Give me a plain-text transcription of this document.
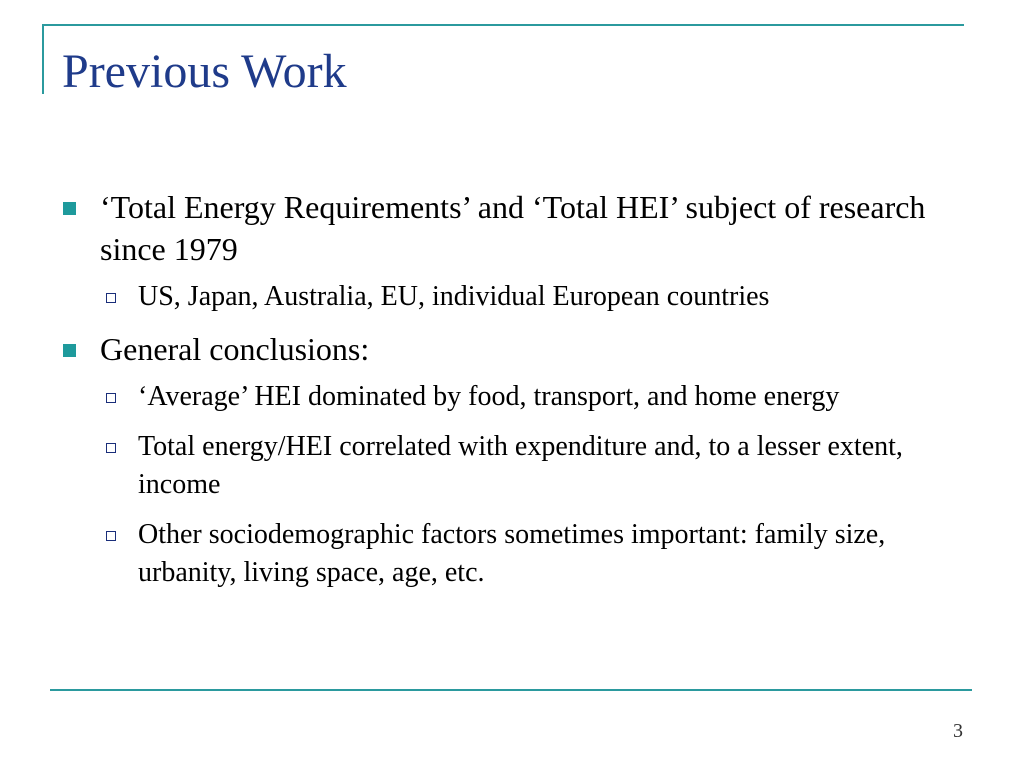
Previous Work
‘Total Energy Requirements’ and ‘Total HEI’ subject of research since 1979
US, Japan, Australia, EU, individual European countries
General conclusions:
‘Average’ HEI dominated by food, transport, and home energy
Total energy/HEI correlated with expenditure and, to a lesser extent, income
Other sociodemographic factors sometimes important: family size, urbanity, living space, age, etc.
3
